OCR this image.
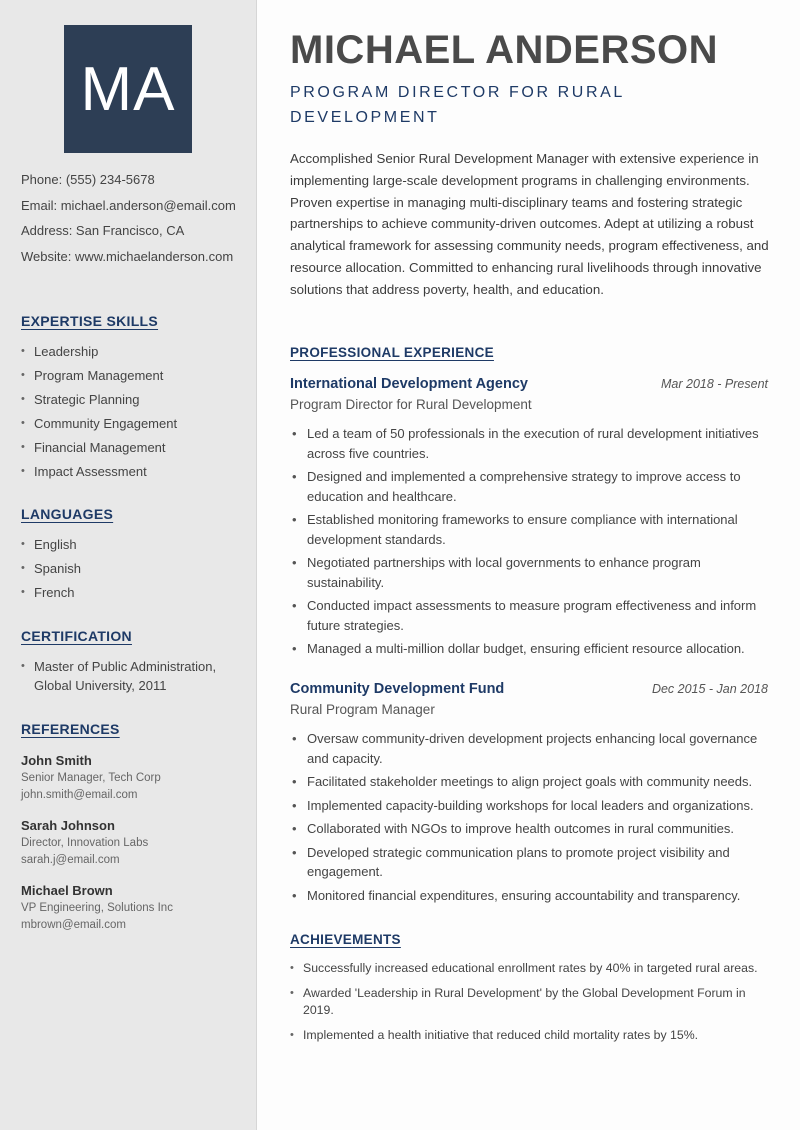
MA
Phone: (555) 234-5678
Email: michael.anderson@email.com
Address: San Francisco, CA
Website: www.michaelanderson.com
EXPERTISE SKILLS
• Leadership
• Program Management
• Strategic Planning
• Community Engagement
• Financial Management
• Impact Assessment
LANGUAGES
• English
• Spanish
• French
CERTIFICATION
• Master of Public Administration, Global University, 2011
REFERENCES
John Smith
Senior Manager, Tech Corp
john.smith@email.com
Sarah Johnson
Director, Innovation Labs
sarah.j@email.com
Michael Brown
VP Engineering, Solutions Inc
mbrown@email.com
MICHAEL ANDERSON
PROGRAM DIRECTOR FOR RURAL DEVELOPMENT
Accomplished Senior Rural Development Manager with extensive experience in implementing large-scale development programs in challenging environments. Proven expertise in managing multi-disciplinary teams and fostering strategic partnerships to achieve community-driven outcomes. Adept at utilizing a robust analytical framework for assessing community needs, program effectiveness, and resource allocation. Committed to enhancing rural livelihoods through innovative solutions that address poverty, health, and education.
PROFESSIONAL EXPERIENCE
International Development Agency	Mar 2018 - Present
Program Director for Rural Development
• Led a team of 50 professionals in the execution of rural development initiatives across five countries.
• Designed and implemented a comprehensive strategy to improve access to education and healthcare.
• Established monitoring frameworks to ensure compliance with international development standards.
• Negotiated partnerships with local governments to enhance program sustainability.
• Conducted impact assessments to measure program effectiveness and inform future strategies.
• Managed a multi-million dollar budget, ensuring efficient resource allocation.
Community Development Fund	Dec 2015 - Jan 2018
Rural Program Manager
• Oversaw community-driven development projects enhancing local governance and capacity.
• Facilitated stakeholder meetings to align project goals with community needs.
• Implemented capacity-building workshops for local leaders and organizations.
• Collaborated with NGOs to improve health outcomes in rural communities.
• Developed strategic communication plans to promote project visibility and engagement.
• Monitored financial expenditures, ensuring accountability and transparency.
ACHIEVEMENTS
• Successfully increased educational enrollment rates by 40% in targeted rural areas.
• Awarded 'Leadership in Rural Development' by the Global Development Forum in 2019.
• Implemented a health initiative that reduced child mortality rates by 15%.
